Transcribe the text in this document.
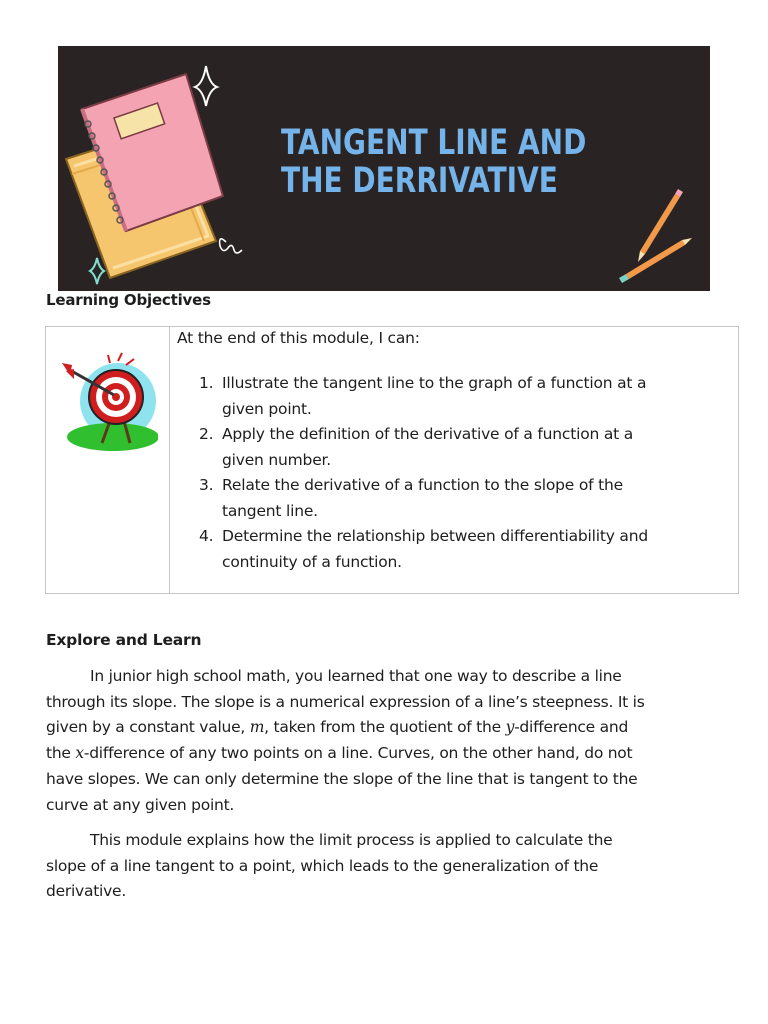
TANGENT LINE AND
THE DERRIVATIVE
Learning Objectives
At the end of this module, I can:
1. Illustrate the tangent line to the graph of a function at a
given point.
2. Apply the definition of the derivative of a function at a
given number.
3. Relate the derivative of a function to the slope of the
tangent line.
4. Determine the relationship between differentiability and
continuity of a function.
Explore and Learn

In junior high school math, you learned that one way to describe a line
through its slope. The slope is a numerical expression of a line’s steepness. It is
given by a constant value, m, taken from the quotient of the y-difference and
the x-difference of any two points on a line. Curves, on the other hand, do not
have slopes. We can only determine the slope of the line that is tangent to the
curve at any given point.

This module explains how the limit process is applied to calculate the
slope of a line tangent to a point, which leads to the generalization of the
derivative.
